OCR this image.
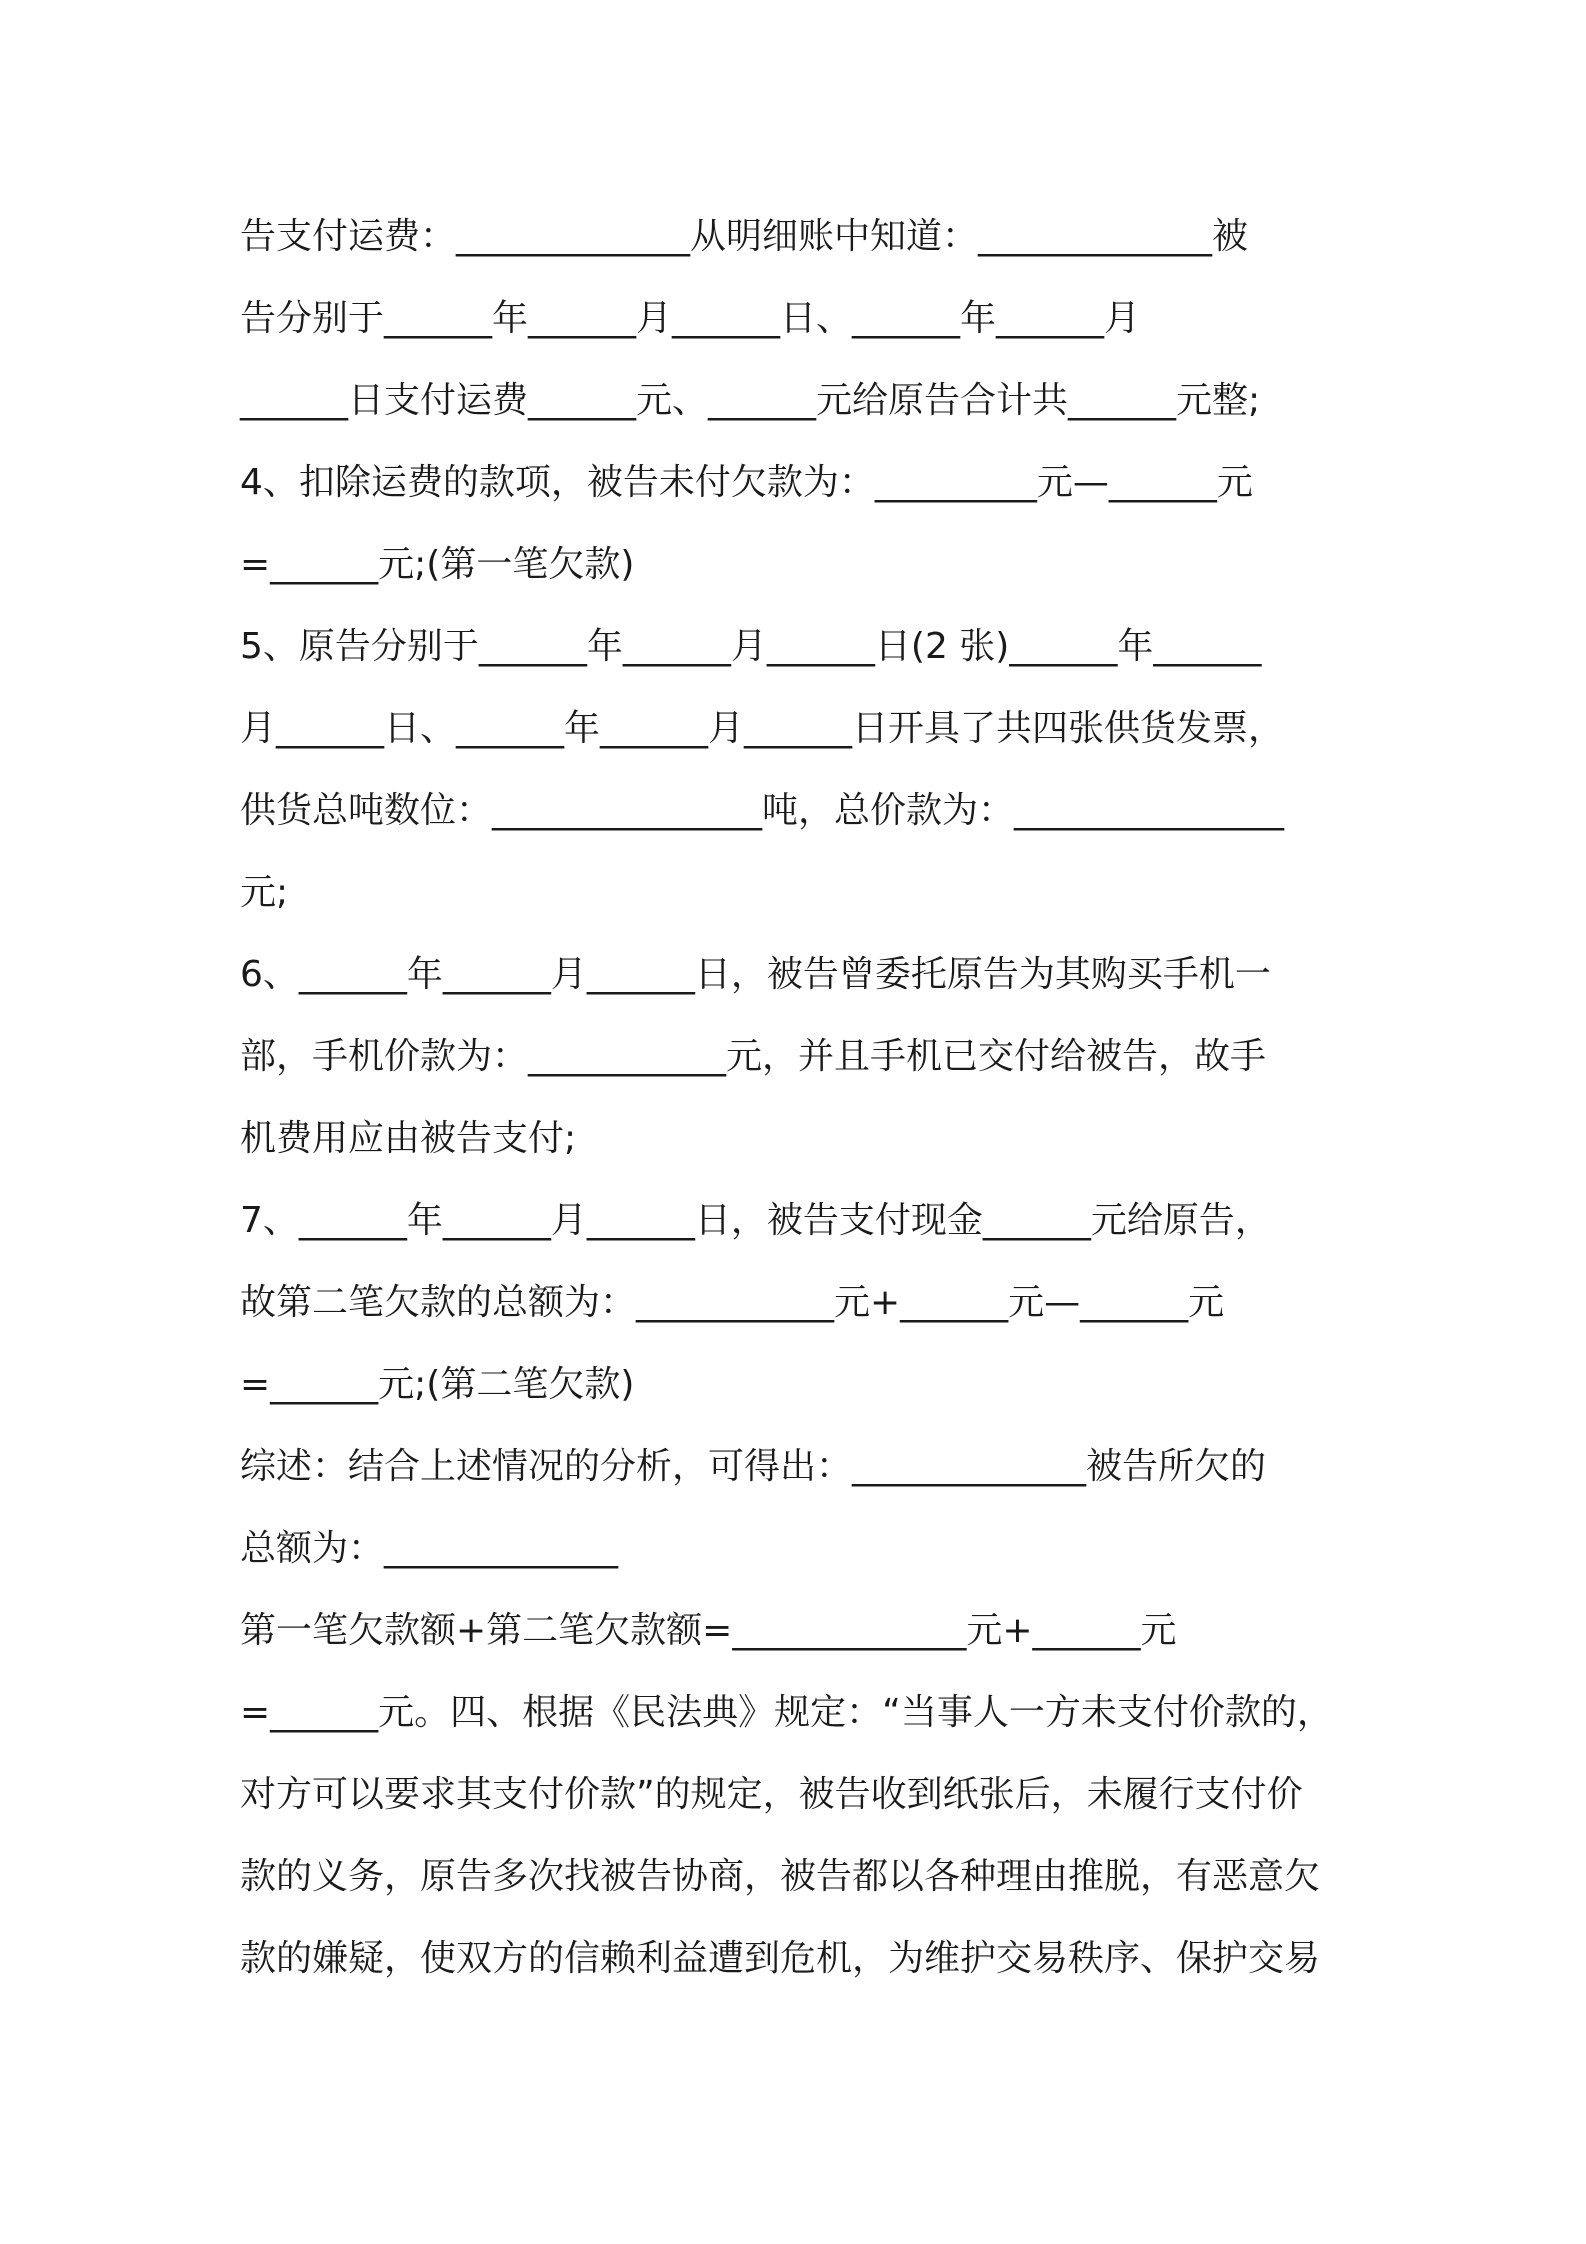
告支付运费：_____________从明细账中知道：_____________被
告分别于______年______月______日、______年______月
______日支付运费______元、______元给原告合计共______元整;
4、扣除运费的款项，被告未付欠款为：_________元—______元
=______元;(第一笔欠款)
5、原告分别于______年______月______日(2 张)______年______
月______日、______年______月______日开具了共四张供货发票，
供货总吨数位：_______________吨，总价款为：_______________
元;
6、______年______月______日，被告曾委托原告为其购买手机一
部，手机价款为：___________元，并且手机已交付给被告，故手
机费用应由被告支付;
7、______年______月______日，被告支付现金______元给原告，
故第二笔欠款的总额为：___________元+______元—______元
=______元;(第二笔欠款)
综述：结合上述情况的分析，可得出：_____________被告所欠的
总额为：_____________
第一笔欠款额+第二笔欠款额=_____________元+______元
=______元。四、根据《民法典》规定：“当事人一方未支付价款的，
对方可以要求其支付价款”的规定，被告收到纸张后，未履行支付价
款的义务，原告多次找被告协商，被告都以各种理由推脱，有恶意欠
款的嫌疑，使双方的信赖利益遭到危机，为维护交易秩序、保护交易
